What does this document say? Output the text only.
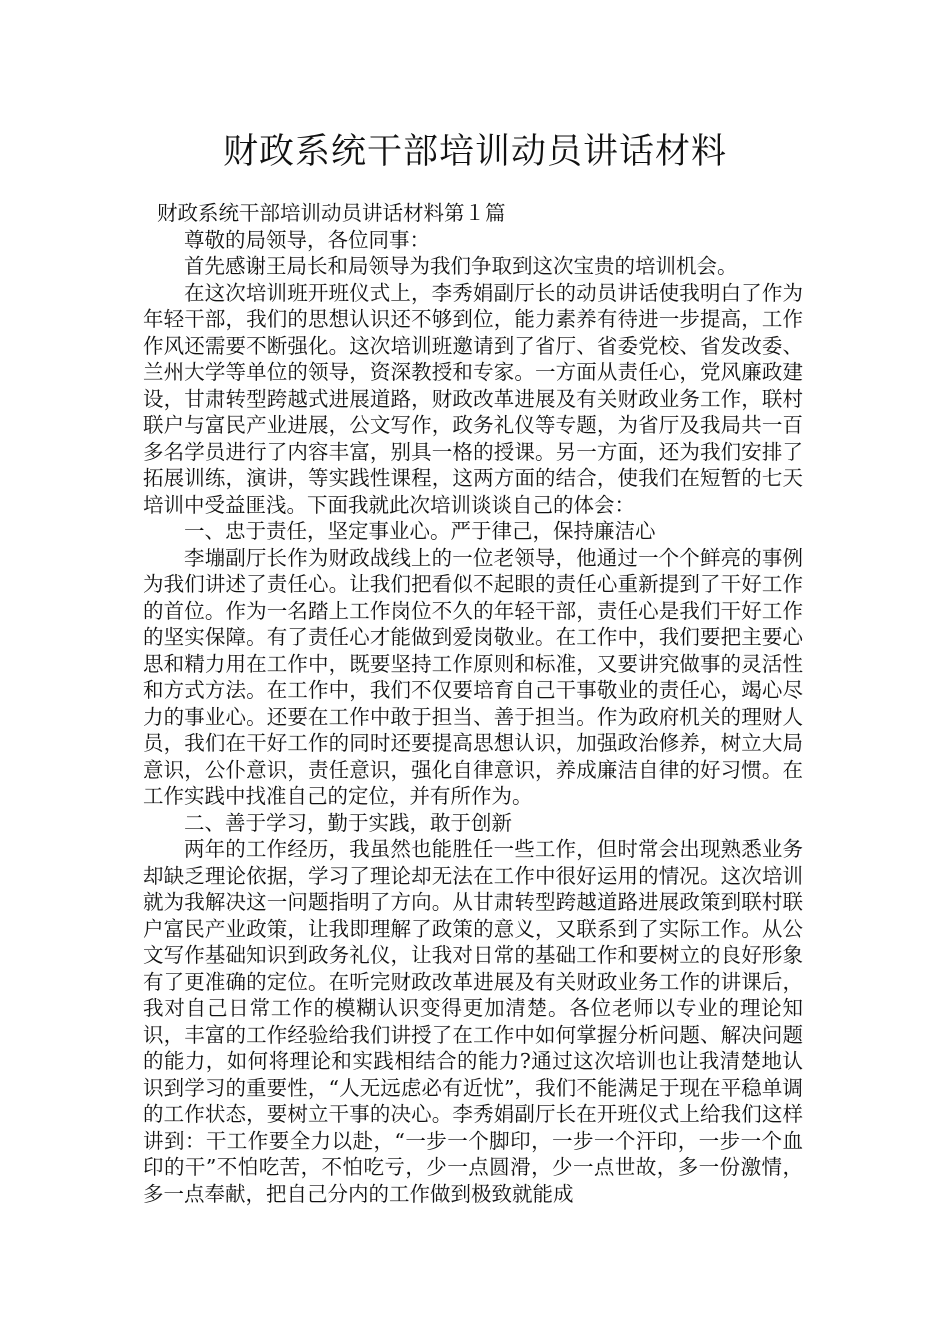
财政系统干部培训动员讲话材料

财政系统干部培训动员讲话材料第１篇

尊敬的局领导，各位同事：

首先感谢王局长和局领导为我们争取到这次宝贵的培训机会。

在这次培训班开班仪式上，李秀娟副厅长的动员讲话使我明白了作为年轻干部，我们的思想认识还不够到位，能力素养有待进一步提高，工作作风还需要不断强化。这次培训班邀请到了省厅、省委党校、省发改委、兰州大学等单位的领导，资深教授和专家。一方面从责任心，党风廉政建设，甘肃转型跨越式进展道路，财政改革进展及有关财政业务工作，联村联户与富民产业进展，公文写作，政务礼仪等专题，为省厅及我局共一百多名学员进行了内容丰富，别具一格的授课。另一方面，还为我们安排了拓展训练，演讲，等实践性课程，这两方面的结合，使我们在短暂的七天培训中受益匪浅。下面我就此次培训谈谈自己的体会：

一、忠于责任，坚定事业心。严于律己，保持廉洁心

李塴副厅长作为财政战线上的一位老领导，他通过一个个鲜亮的事例为我们讲述了责任心。让我们把看似不起眼的责任心重新提到了干好工作的首位。作为一名踏上工作岗位不久的年轻干部，责任心是我们干好工作的坚实保障。有了责任心才能做到爱岗敬业。在工作中，我们要把主要心思和精力用在工作中，既要坚持工作原则和标准，又要讲究做事的灵活性和方式方法。在工作中，我们不仅要培育自己干事敬业的责任心，竭心尽力的事业心。还要在工作中敢于担当、善于担当。作为政府机关的理财人员，我们在干好工作的同时还要提高思想认识，加强政治修养，树立大局意识，公仆意识，责任意识，强化自律意识，养成廉洁自律的好习惯。在工作实践中找准自己的定位，并有所作为。

二、善于学习，勤于实践，敢于创新

两年的工作经历，我虽然也能胜任一些工作，但时常会出现熟悉业务却缺乏理论依据，学习了理论却无法在工作中很好运用的情况。这次培训就为我解决这一问题指明了方向。从甘肃转型跨越道路进展政策到联村联户富民产业政策，让我即理解了政策的意义，又联系到了实际工作。从公文写作基础知识到政务礼仪，让我对日常的基础工作和要树立的良好形象有了更准确的定位。在听完财政改革进展及有关财政业务工作的讲课后，我对自己日常工作的模糊认识变得更加清楚。各位老师以专业的理论知识，丰富的工作经验给我们讲授了在工作中如何掌握分析问题、解决问题的能力，如何将理论和实践相结合的能力?通过这次培训也让我清楚地认识到学习的重要性，“人无远虑必有近忧”，我们不能满足于现在平稳单调的工作状态，要树立干事的决心。李秀娟副厅长在开班仪式上给我们这样讲到：干工作要全力以赴，“一步一个脚印，一步一个汗印，一步一个血印的干”不怕吃苦，不怕吃亏，少一点圆滑，少一点世故，多一份激情，多一点奉献，把自己分内的工作做到极致就能成
